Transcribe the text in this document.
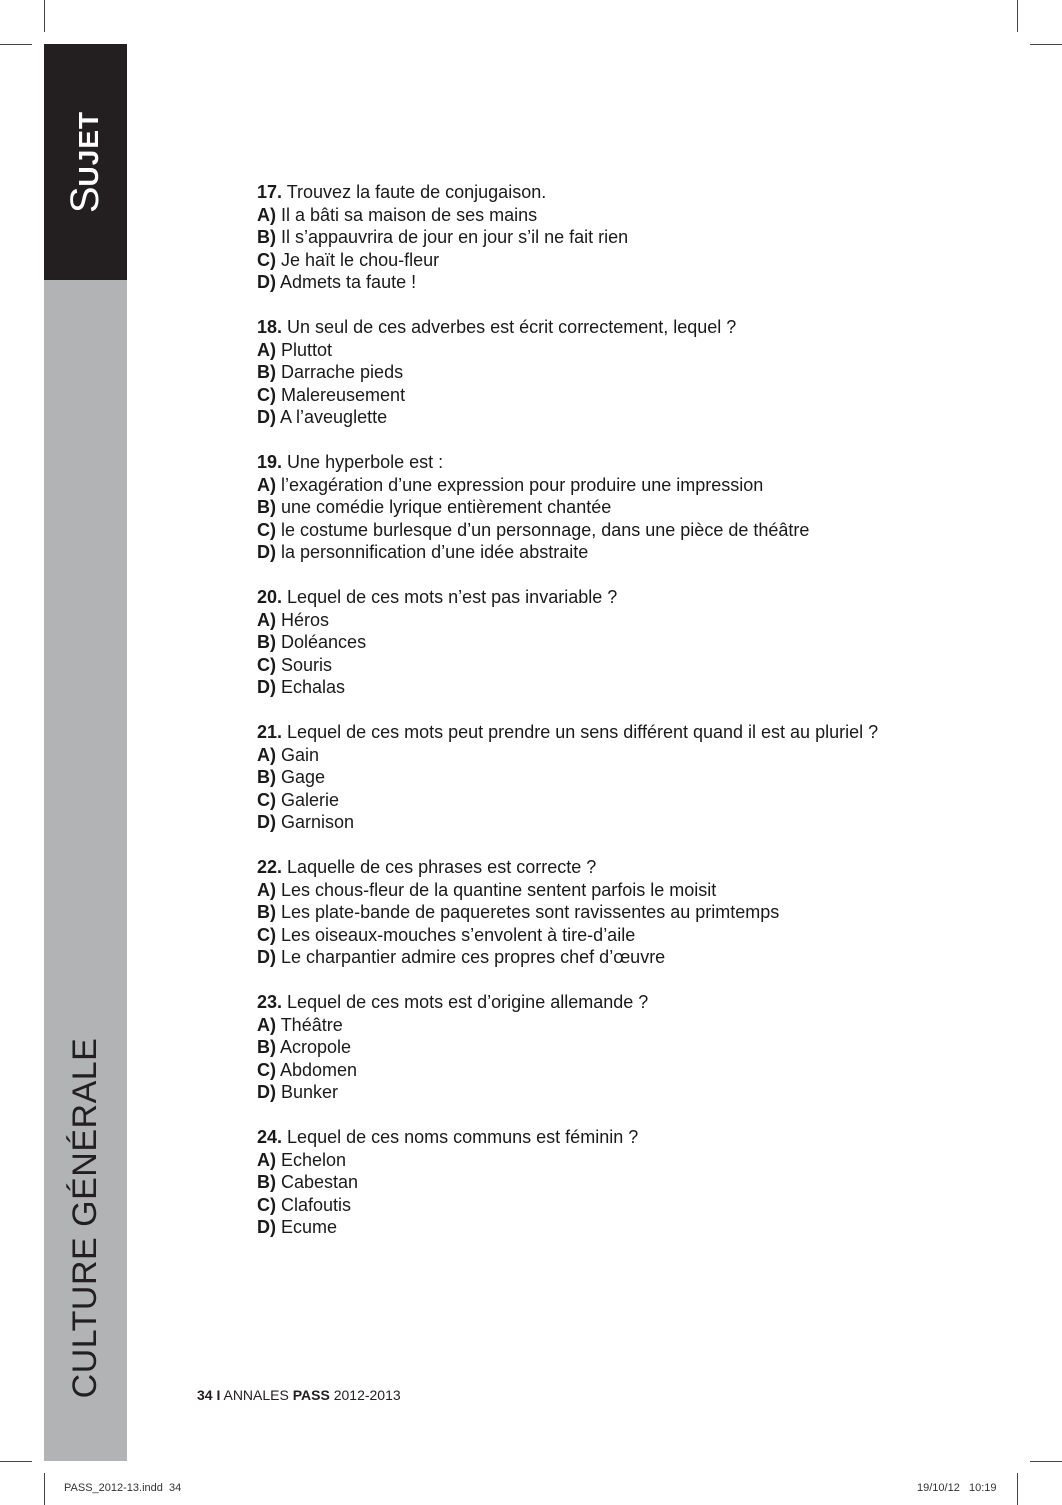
SUJET
CULTURE GÉNÉRALE
17. Trouvez la faute de conjugaison.
A) Il a bâti sa maison de ses mains
B) Il s’appauvrira de jour en jour s’il ne fait rien
C) Je haït le chou-fleur
D) Admets ta faute !
18. Un seul de ces adverbes est écrit correctement, lequel ?
A) Pluttot
B) Darrache pieds
C) Malereusement
D) A l’aveuglette
19. Une hyperbole est :
A) l’exagération d’une expression pour produire une impression
B) une comédie lyrique entièrement chantée
C) le costume burlesque d’un personnage, dans une pièce de théâtre
D) la personnification d’une idée abstraite
20. Lequel de ces mots n’est pas invariable ?
A) Héros
B) Doléances
C) Souris
D) Echalas
21. Lequel de ces mots peut prendre un sens différent quand il est au pluriel ?
A) Gain
B) Gage
C) Galerie
D) Garnison
22. Laquelle de ces phrases est correcte ?
A) Les chous-fleur de la quantine sentent parfois le moisit
B) Les plate-bande de paqueretes sont ravissentes au primtemps
C) Les oiseaux-mouches s’envolent à tire-d’aile
D) Le charpantier admire ces propres chef d’œuvre
23. Lequel de ces mots est d’origine allemande ?
A) Théâtre
B) Acropole
C) Abdomen
D) Bunker
24. Lequel de ces noms communs est féminin ?
A) Echelon
B) Cabestan
C) Clafoutis
D) Ecume
34 I ANNALES PASS 2012-2013
PASS_2012-13.indd 34	19/10/12 10:19
